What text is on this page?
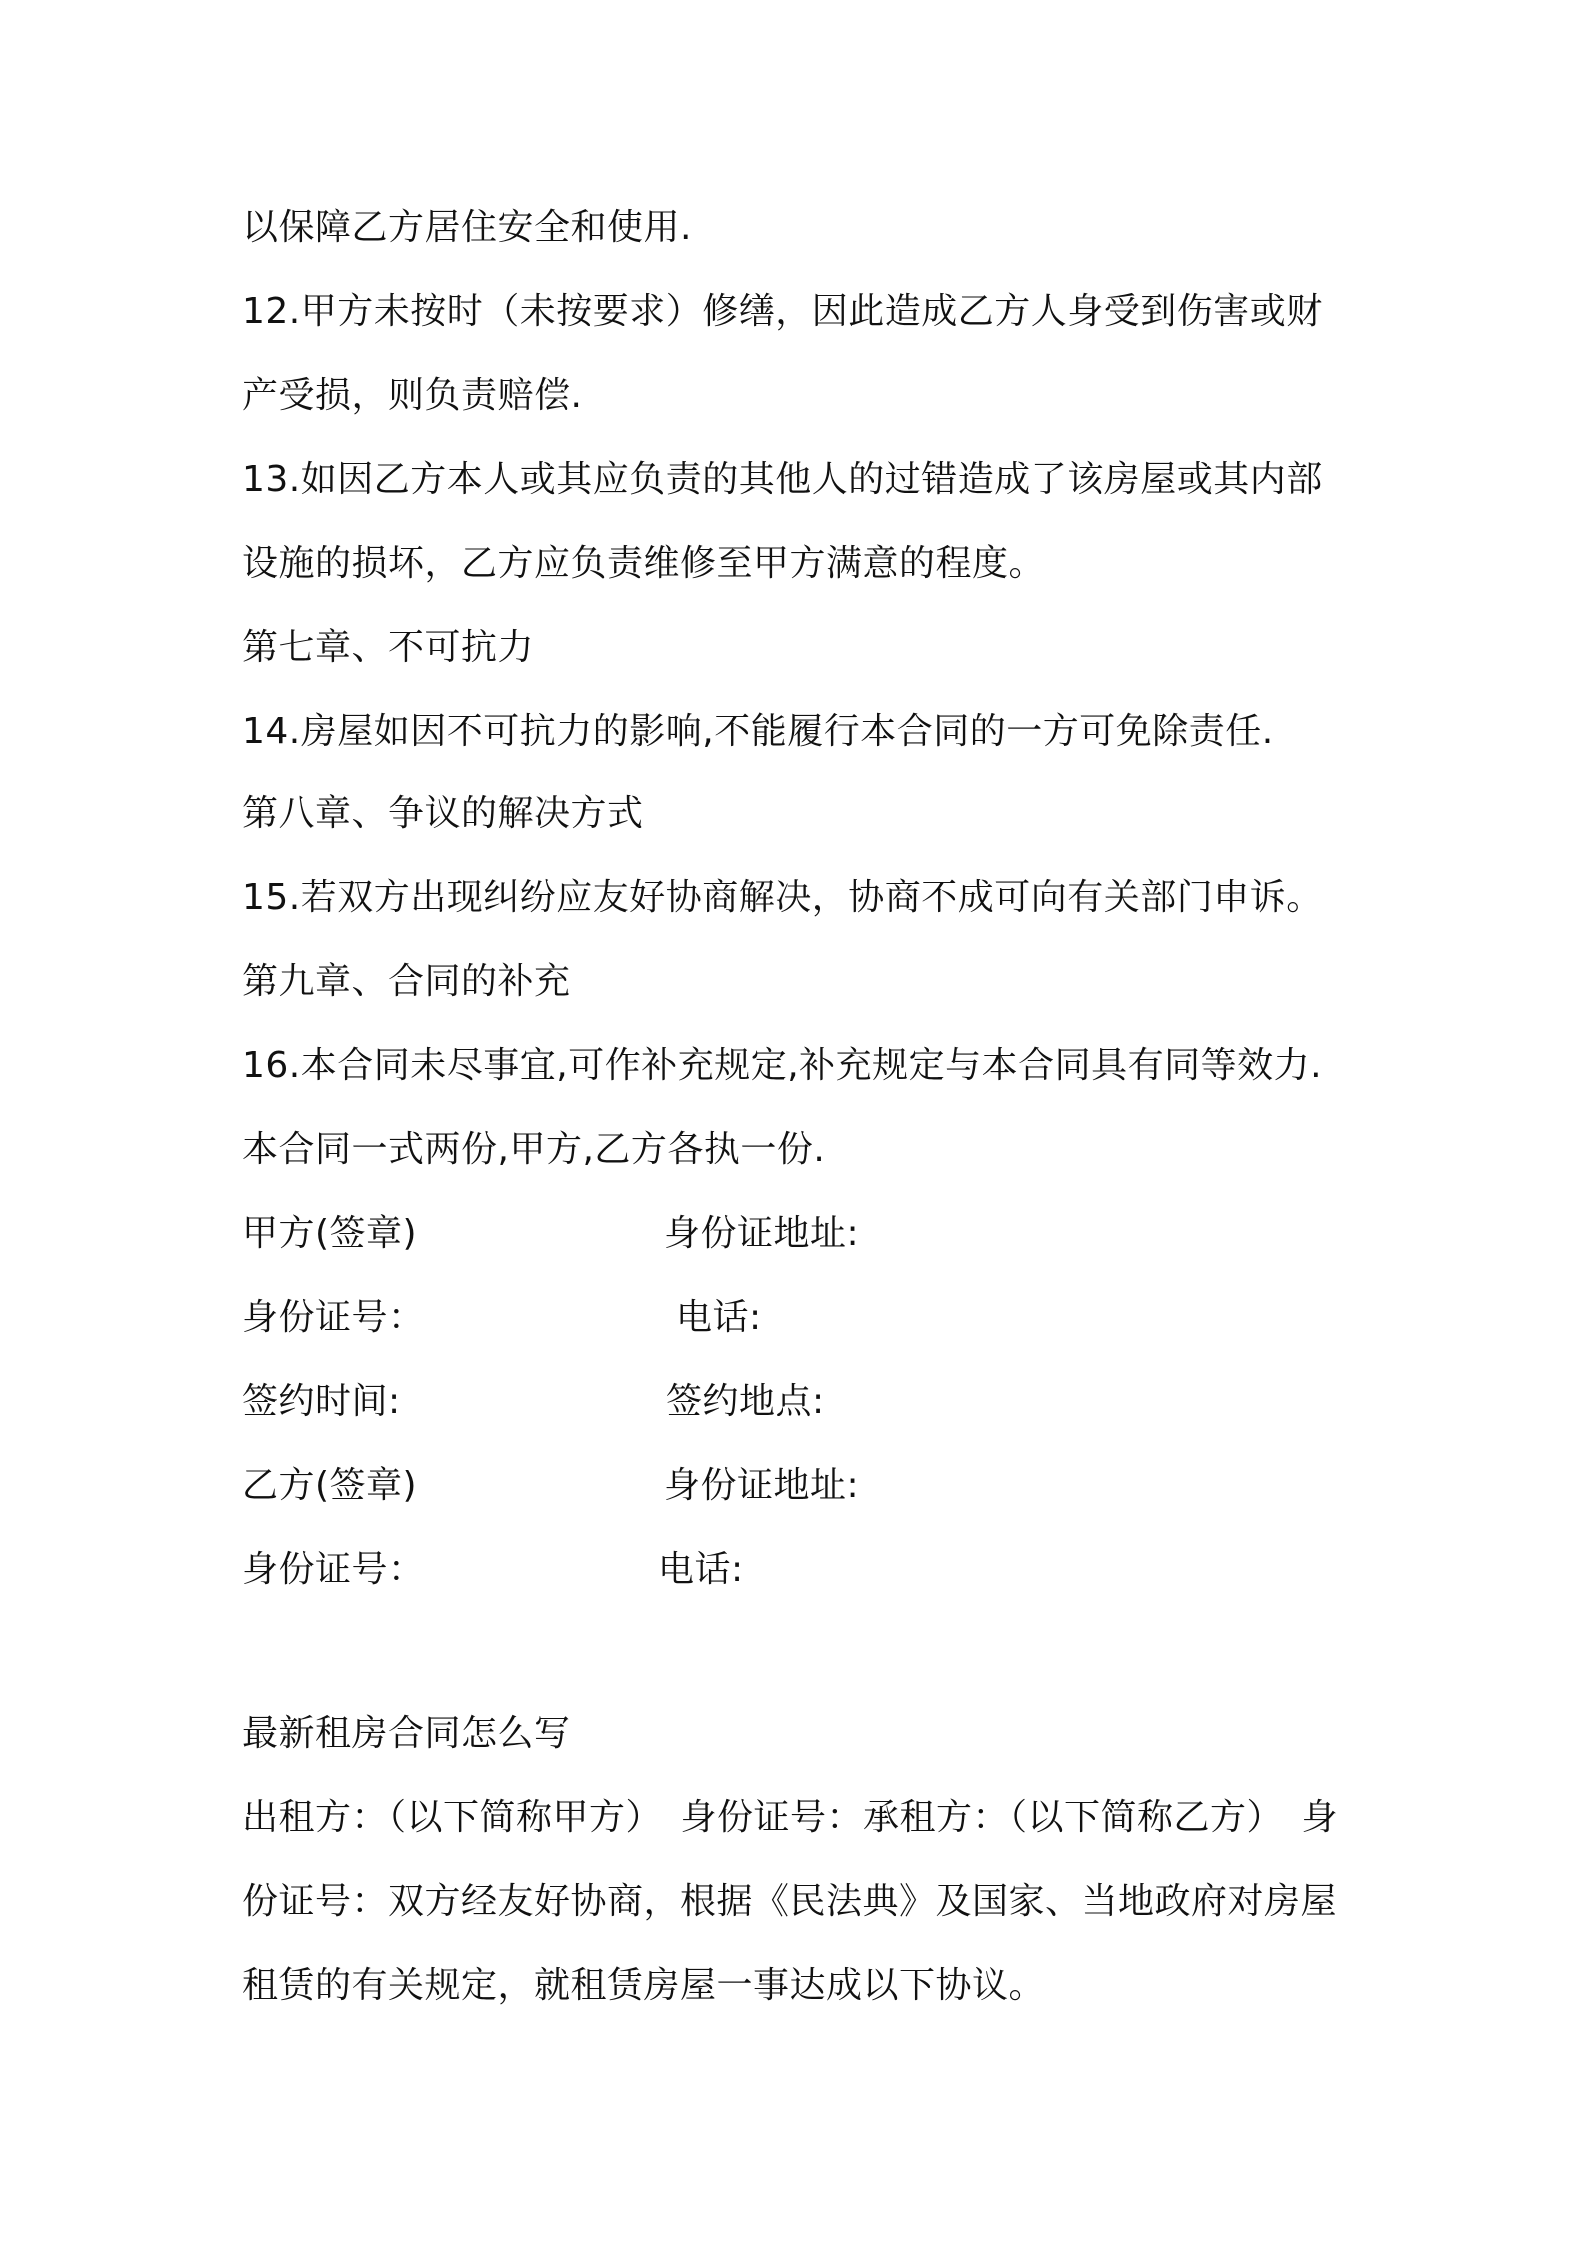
以保障乙方居住安全和使用.
12.甲方未按时（未按要求）修缮，因此造成乙方人身受到伤害或财
产受损，则负责赔偿.
13.如因乙方本人或其应负责的其他人的过错造成了该房屋或其内部
设施的损坏，乙方应负责维修至甲方满意的程度。
第七章、不可抗力
14.房屋如因不可抗力的影响,不能履行本合同的一方可免除责任.
第八章、争议的解决方式
15.若双方出现纠纷应友好协商解决，协商不成可向有关部门申诉。
第九章、合同的补充
16.本合同未尽事宜,可作补充规定,补充规定与本合同具有同等效力.
本合同一式两份,甲方,乙方各执一份.
甲方(签章)	身份证地址:
身份证号：	电话:
签约时间:	签约地点:
乙方(签章)	身份证地址:
身份证号：	电话:
最新租房合同怎么写
出租方：（以下简称甲方）　身份证号：承租方：（以下简称乙方）　身
份证号：双方经友好协商，根据《民法典》及国家、当地政府对房屋
租赁的有关规定，就租赁房屋一事达成以下协议。
